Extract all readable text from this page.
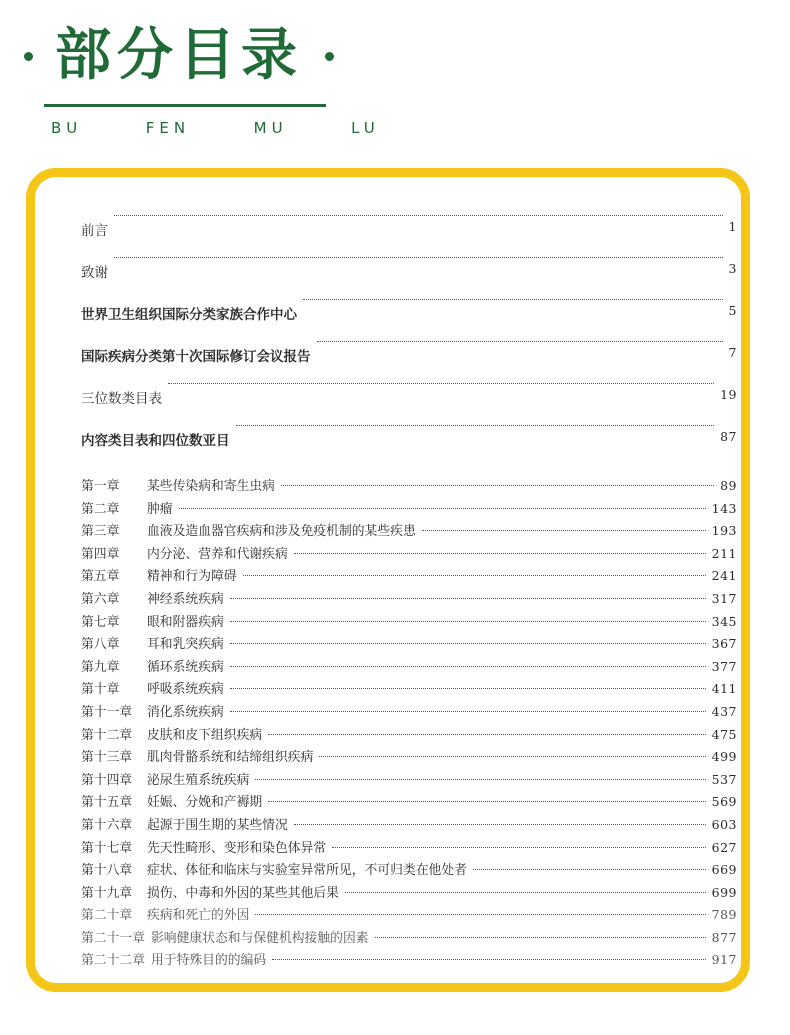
部分目录
BU  FEN  MU  LU
前言	1
致谢	3
世界卫生组织国际分类家族合作中心	5
国际疾病分类第十次国际修订会议报告	7
三位数类目表	19
内容类目表和四位数亚目	87
第一章	某些传染病和寄生虫病	89
第二章	肿瘤	143
第三章	血液及造血器官疾病和涉及免疫机制的某些疾患	193
第四章	内分泌、营养和代谢疾病	211
第五章	精神和行为障碍	241
第六章	神经系统疾病	317
第七章	眼和附器疾病	345
第八章	耳和乳突疾病	367
第九章	循环系统疾病	377
第十章	呼吸系统疾病	411
第十一章	消化系统疾病	437
第十二章	皮肤和皮下组织疾病	475
第十三章	肌肉骨骼系统和结缔组织疾病	499
第十四章	泌尿生殖系统疾病	537
第十五章	妊娠、分娩和产褥期	569
第十六章	起源于围生期的某些情况	603
第十七章	先天性畸形、变形和染色体异常	627
第十八章	症状、体征和临床与实验室异常所见，不可归类在他处者	669
第十九章	损伤、中毒和外因的某些其他后果	699
第二十章	疾病和死亡的外因	789
第二十一章 影响健康状态和与保健机构接触的因素	877
第二十二章 用于特殊目的的编码	917
